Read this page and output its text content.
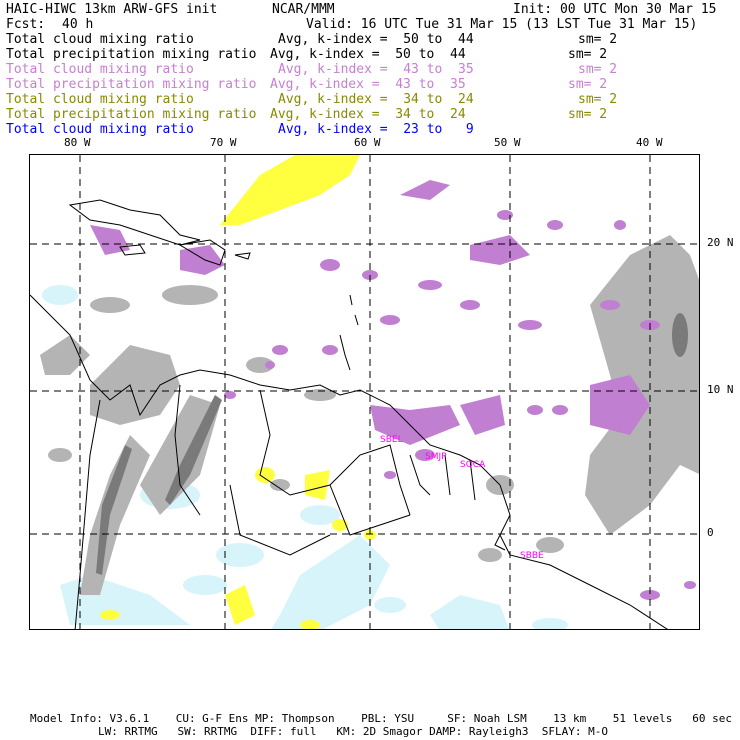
HAIC-HIWC 13km ARW-GFS init	NCAR/MMM	Init: 00 UTC Mon 30 Mar 15
Fcst: 40 h	Valid: 16 UTC Tue 31 Mar 15 (13 LST Tue 31 Mar 15)
Total cloud mixing ratio	Avg, k-index =  50 to  44	sm= 2
Total precipitation mixing ratio Avg, k-index =  50 to  44	sm= 2
Total cloud mixing ratio	Avg, k-index =  43 to  35	sm= 2
Total precipitation mixing ratio Avg, k-index =  43 to  35	sm= 2
Total cloud mixing ratio	Avg, k-index =  34 to  24	sm= 2
Total precipitation mixing ratio Avg, k-index =  34 to  24	sm= 2
Total cloud mixing ratio	Avg, k-index =  23 to   9
SBEL
SMJP
SOCA
SBBE
80 W	70 W	60 W	50 W	40 W
20 N
10 N
0
Model Info: V3.6.1    CU: G-F Ens MP: Thompson    PBL: YSU     SF: Noah LSM    13 km    51 levels   60 sec
LW: RRTMG   SW: RRTMG  DIFF: full   KM: 2D Smagor DAMP: Rayleigh3  SFLAY: M-O
